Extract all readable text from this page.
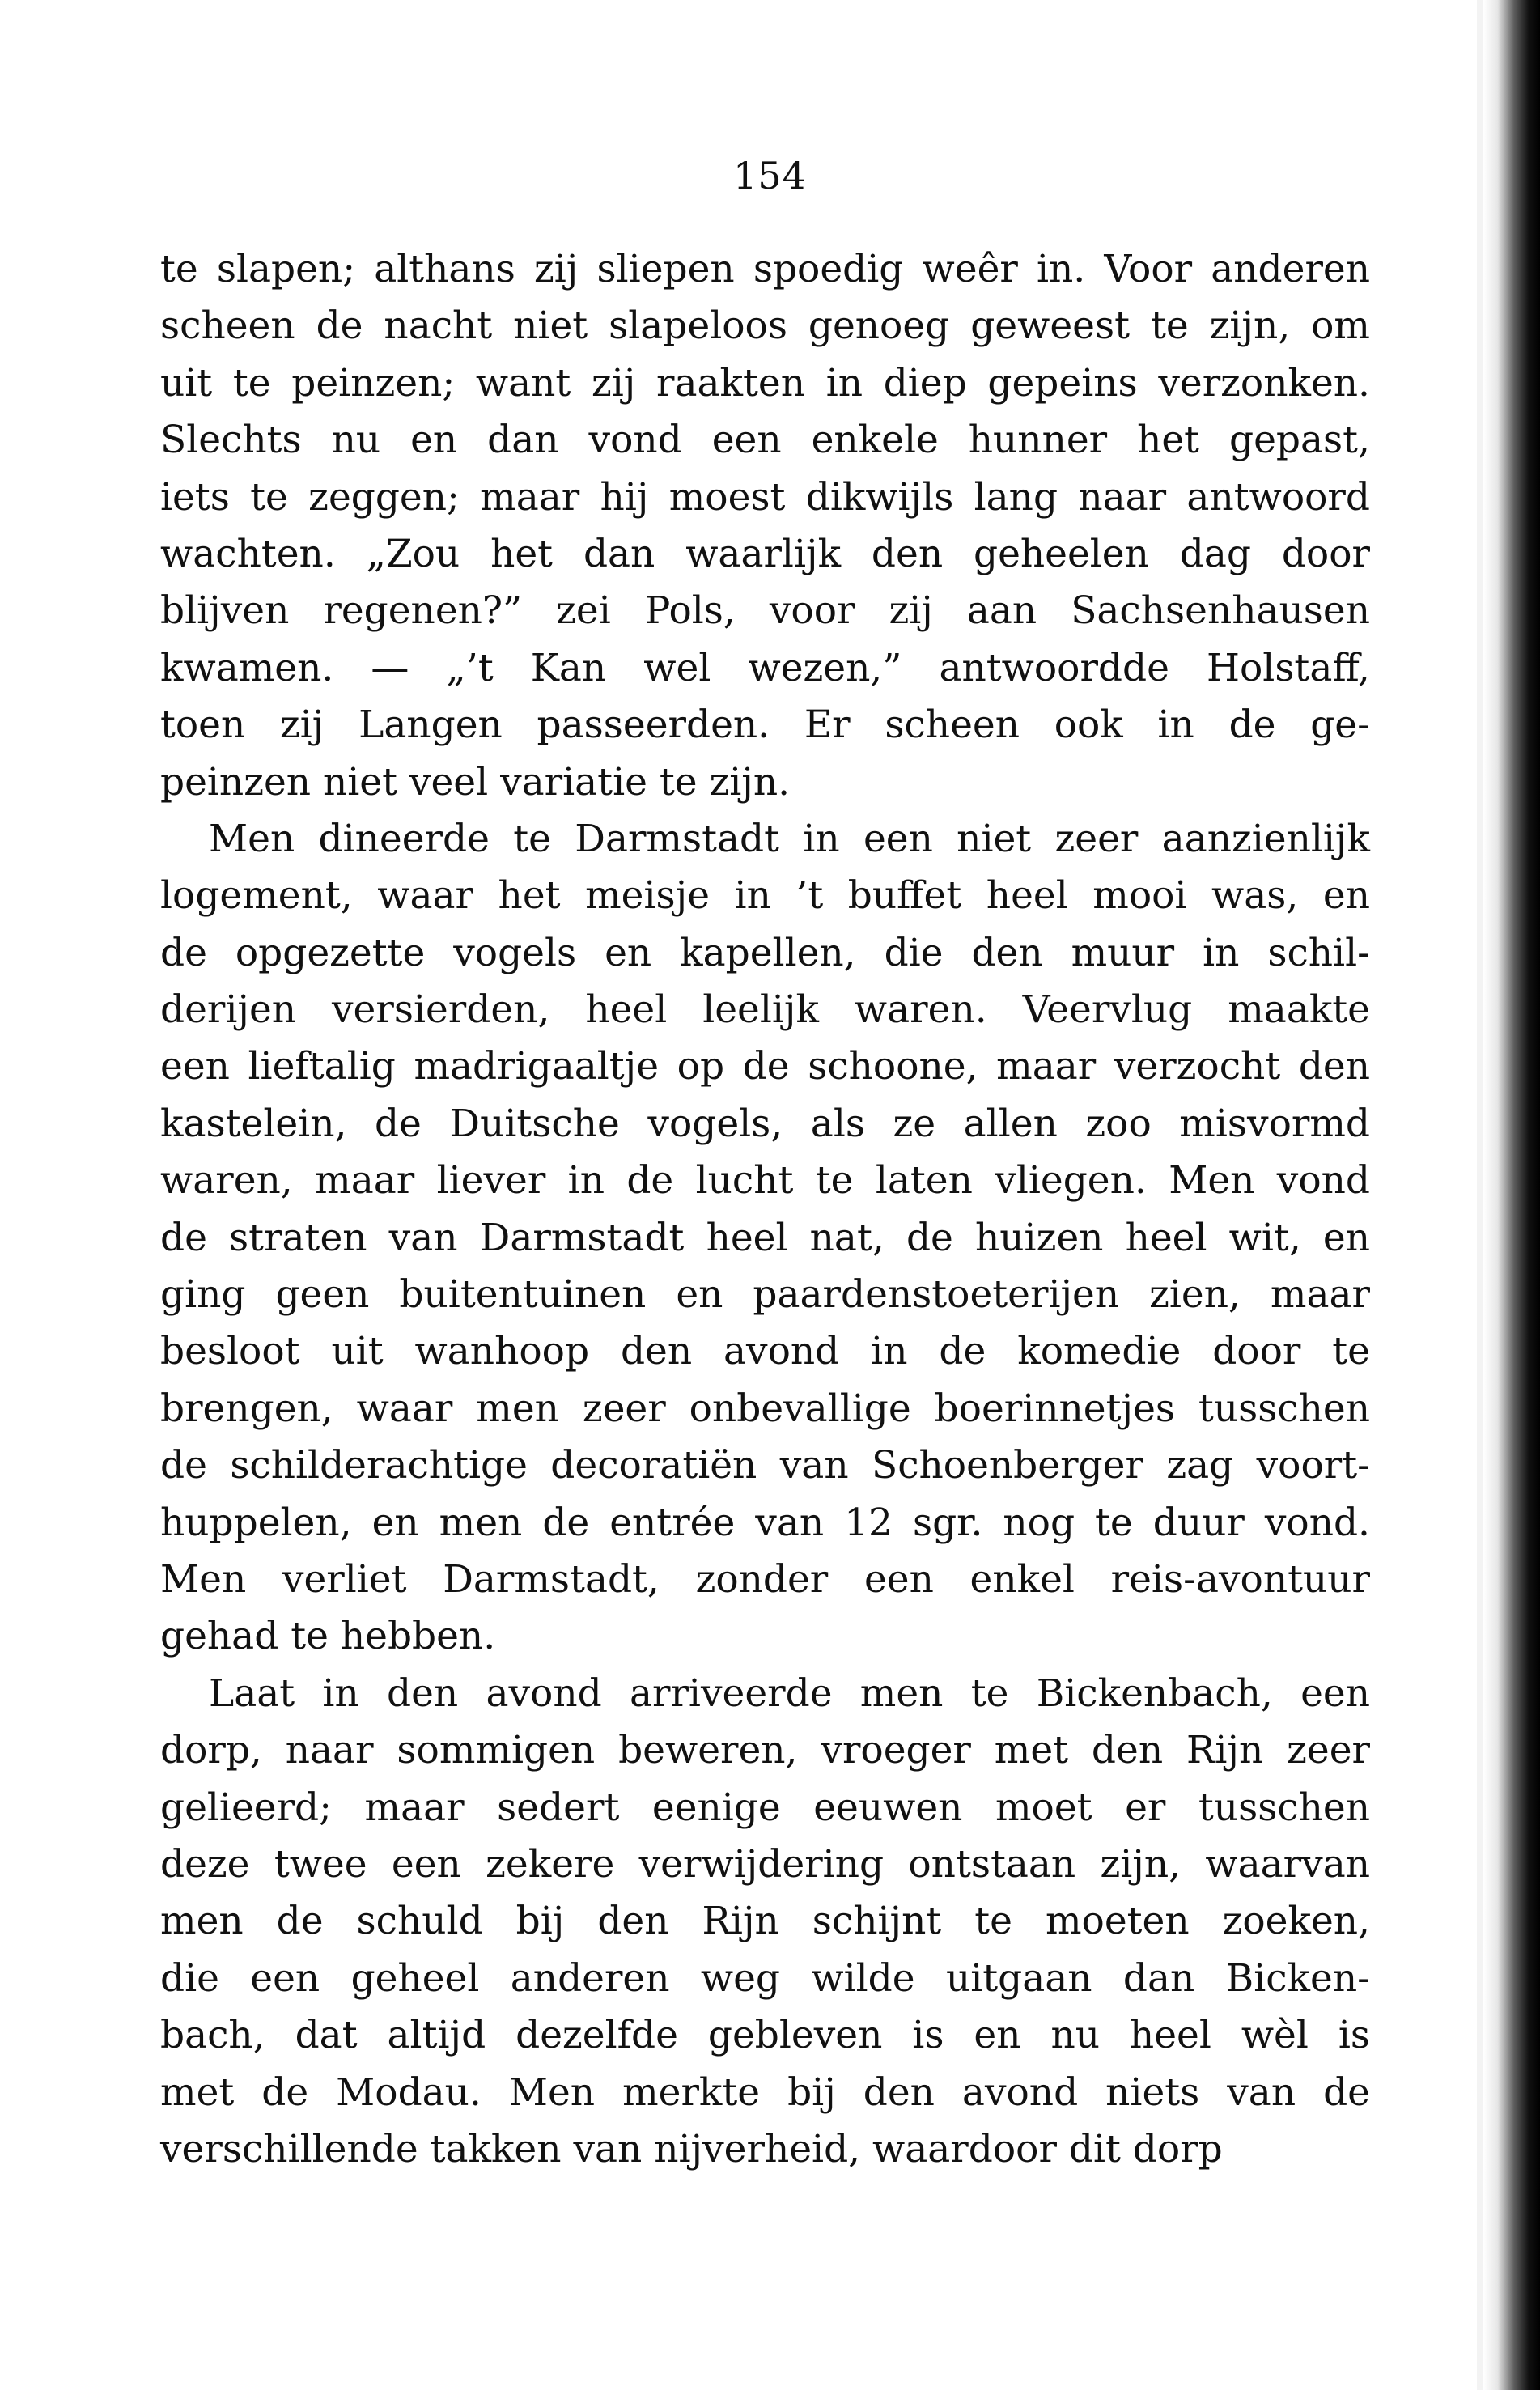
154
te slapen; althans zij sliepen spoedig weêr in. Voor anderen
scheen de nacht niet slapeloos genoeg geweest te zijn, om
uit te peinzen; want zij raakten in diep gepeins verzonken.
Slechts nu en dan vond een enkele hunner het gepast,
iets te zeggen; maar hij moest dikwijls lang naar antwoord
wachten. „Zou het dan waarlijk den geheelen dag door
blijven regenen?” zei Pols, voor zij aan Sachsenhausen
kwamen. — „’t Kan wel wezen,” antwoordde Holstaff,
toen zij Langen passeerden. Er scheen ook in de ge-
peinzen niet veel variatie te zijn.
Men dineerde te Darmstadt in een niet zeer aanzienlijk
logement, waar het meisje in ’t buffet heel mooi was, en
de opgezette vogels en kapellen, die den muur in schil-
derijen versierden, heel leelijk waren. Veervlug maakte
een lieftalig madrigaaltje op de schoone, maar verzocht den
kastelein, de Duitsche vogels, als ze allen zoo misvormd
waren, maar liever in de lucht te laten vliegen. Men vond
de straten van Darmstadt heel nat, de huizen heel wit, en
ging geen buitentuinen en paardenstoeterijen zien, maar
besloot uit wanhoop den avond in de komedie door te
brengen, waar men zeer onbevallige boerinnetjes tusschen
de schilderachtige decoratiën van Schoenberger zag voort-
huppelen, en men de entrée van 12 sgr. nog te duur vond.
Men verliet Darmstadt, zonder een enkel reis-avontuur
gehad te hebben.
Laat in den avond arriveerde men te Bickenbach, een
dorp, naar sommigen beweren, vroeger met den Rijn zeer
gelieerd; maar sedert eenige eeuwen moet er tusschen
deze twee een zekere verwijdering ontstaan zijn, waarvan
men de schuld bij den Rijn schijnt te moeten zoeken,
die een geheel anderen weg wilde uitgaan dan Bicken-
bach, dat altijd dezelfde gebleven is en nu heel wèl is
met de Modau. Men merkte bij den avond niets van de
verschillende takken van nijverheid, waardoor dit dorp
